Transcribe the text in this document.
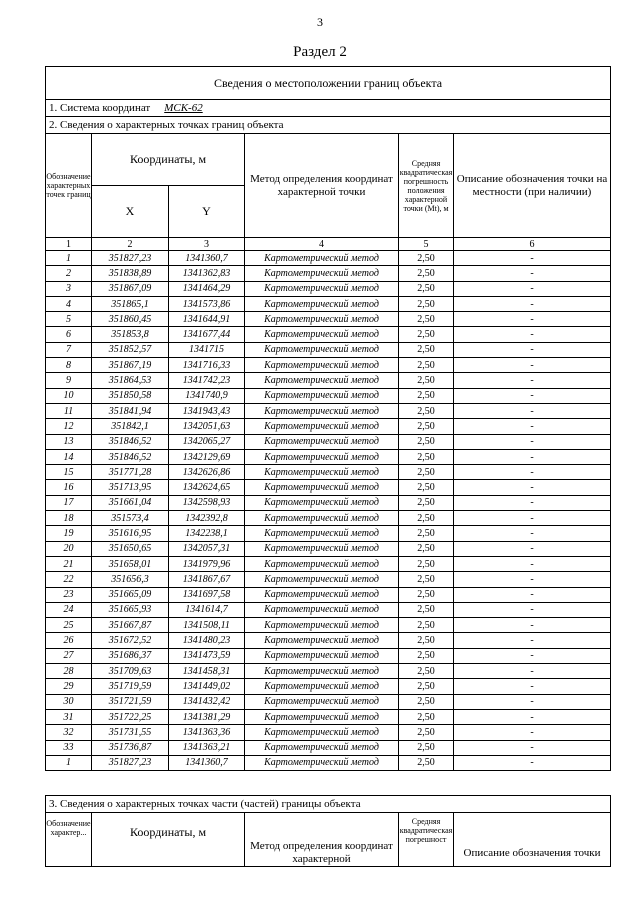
3
Раздел 2
Сведения о местоположении границ объекта					
1. Система координат МСК-62					
2. Сведения о характерных точках границ объекта					
Обозначение характерных точек границ	Координаты, м		Метод определения координат характерной точки	Средняя квадратическая погрешность положения характерной точки (Mt), м	Описание обозначения точки на местности (при наличии)
	X	Y			
1	2	3	4	5	6
1	351827,23	1341360,7	Картометрический метод	2,50	-
2	351838,89	1341362,83	Картометрический метод	2,50	-
3	351867,09	1341464,29	Картометрический метод	2,50	-
4	351865,1	1341573,86	Картометрический метод	2,50	-
5	351860,45	1341644,91	Картометрический метод	2,50	-
6	351853,8	1341677,44	Картометрический метод	2,50	-
7	351852,57	1341715	Картометрический метод	2,50	-
8	351867,19	1341716,33	Картометрический метод	2,50	-
9	351864,53	1341742,23	Картометрический метод	2,50	-
10	351850,58	1341740,9	Картометрический метод	2,50	-
11	351841,94	1341943,43	Картометрический метод	2,50	-
12	351842,1	1342051,63	Картометрический метод	2,50	-
13	351846,52	1342065,27	Картометрический метод	2,50	-
14	351846,52	1342129,69	Картометрический метод	2,50	-
15	351771,28	1342626,86	Картометрический метод	2,50	-
16	351713,95	1342624,65	Картометрический метод	2,50	-
17	351661,04	1342598,93	Картометрический метод	2,50	-
18	351573,4	1342392,8	Картометрический метод	2,50	-
19	351616,95	1342238,1	Картометрический метод	2,50	-
20	351650,65	1342057,31	Картометрический метод	2,50	-
21	351658,01	1341979,96	Картометрический метод	2,50	-
22	351656,3	1341867,67	Картометрический метод	2,50	-
23	351665,09	1341697,58	Картометрический метод	2,50	-
24	351665,93	1341614,7	Картометрический метод	2,50	-
25	351667,87	1341508,11	Картометрический метод	2,50	-
26	351672,52	1341480,23	Картометрический метод	2,50	-
27	351686,37	1341473,59	Картометрический метод	2,50	-
28	351709,63	1341458,31	Картометрический метод	2,50	-
29	351719,59	1341449,02	Картометрический метод	2,50	-
30	351721,59	1341432,42	Картометрический метод	2,50	-
31	351722,25	1341381,29	Картометрический метод	2,50	-
32	351731,55	1341363,36	Картометрический метод	2,50	-
33	351736,87	1341363,21	Картометрический метод	2,50	-
1	351827,23	1341360,7	Картометрический метод	2,50	-
3. Сведения о характерных точках части (частей) границы объекта
Обозначение характер...	Координаты, м	Метод определения координат характерной	Средняя квадратическая погрешност	Описание обозначения точки
